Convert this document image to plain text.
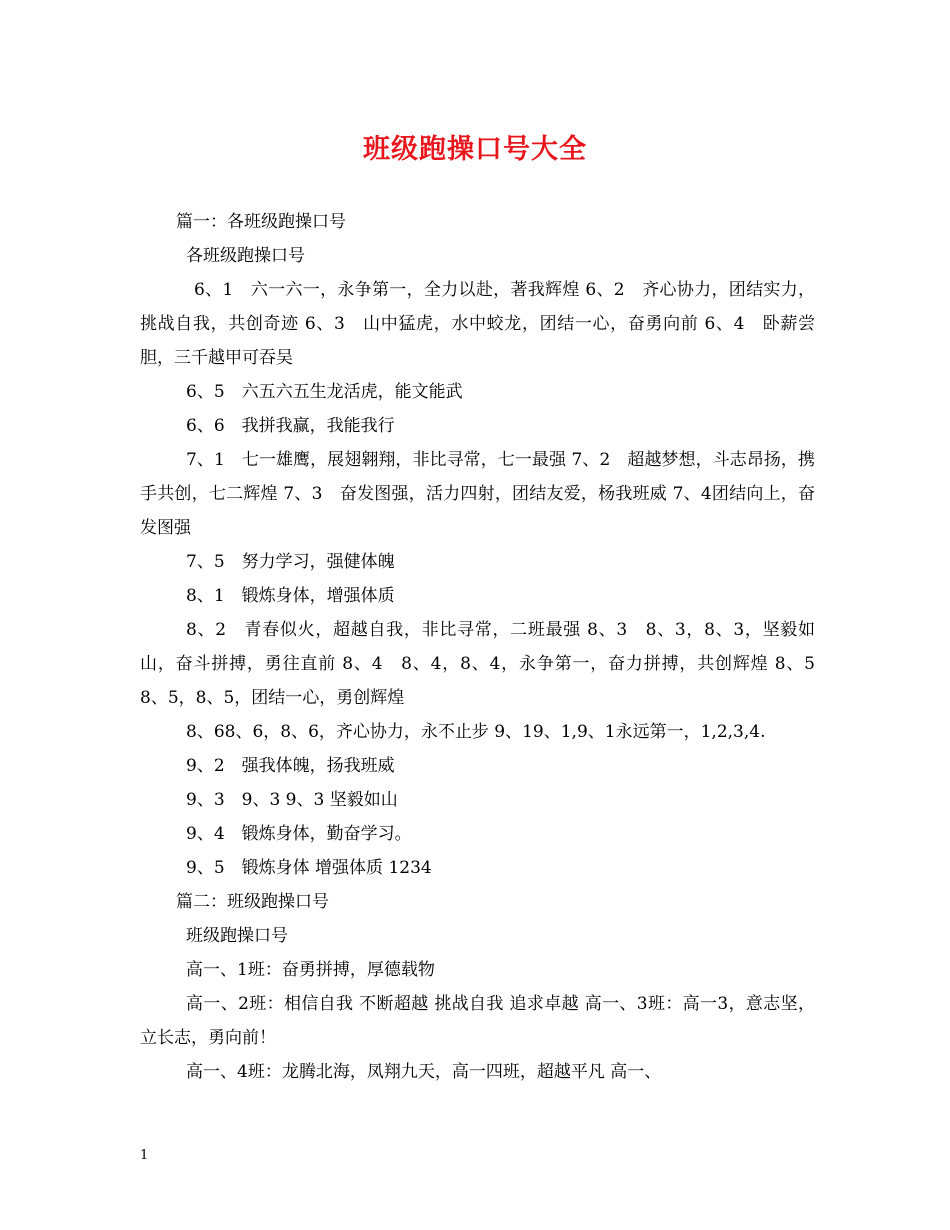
班级跑操口号大全

篇一：各班级跑操口号

各班级跑操口号

6、1　六一六一，永争第一，全力以赴，著我辉煌 6、2　齐心协力，团结实力，挑战自我，共创奇迹 6、3　山中猛虎，水中蛟龙，团结一心，奋勇向前 6、4　卧薪尝胆，三千越甲可吞吴

6、5　六五六五生龙活虎，能文能武

6、6　我拼我赢，我能我行

7、1　七一雄鹰，展翅翱翔，非比寻常，七一最强 7、2　超越梦想，斗志昂扬，携手共创，七二辉煌 7、3　奋发图强，活力四射，团结友爱，杨我班威 7、4团结向上，奋发图强

7、5　努力学习，强健体魄

8、1　锻炼身体，增强体质

8、2　青春似火，超越自我，非比寻常，二班最强 8、3　8、3，8、3，坚毅如山，奋斗拼搏，勇往直前 8、4　8、4，8、4，永争第一，奋力拼搏，共创辉煌 8、5　8、5，8、5，团结一心，勇创辉煌

8、68、6，8、6，齐心协力，永不止步 9、19、1,9、1永远第一，1,2,3,4.

9、2　强我体魄，扬我班威

9、3　9、3 9、3 坚毅如山

9、4　锻炼身体，勤奋学习。

9、5　锻炼身体 增强体质 1234

篇二：班级跑操口号

班级跑操口号

高一、1班：奋勇拼搏，厚德载物

高一、2班：相信自我 不断超越 挑战自我 追求卓越 高一、3班：高一3，意志坚，立长志，勇向前！

高一、4班：龙腾北海，凤翔九天，高一四班，超越平凡 高一、

1
